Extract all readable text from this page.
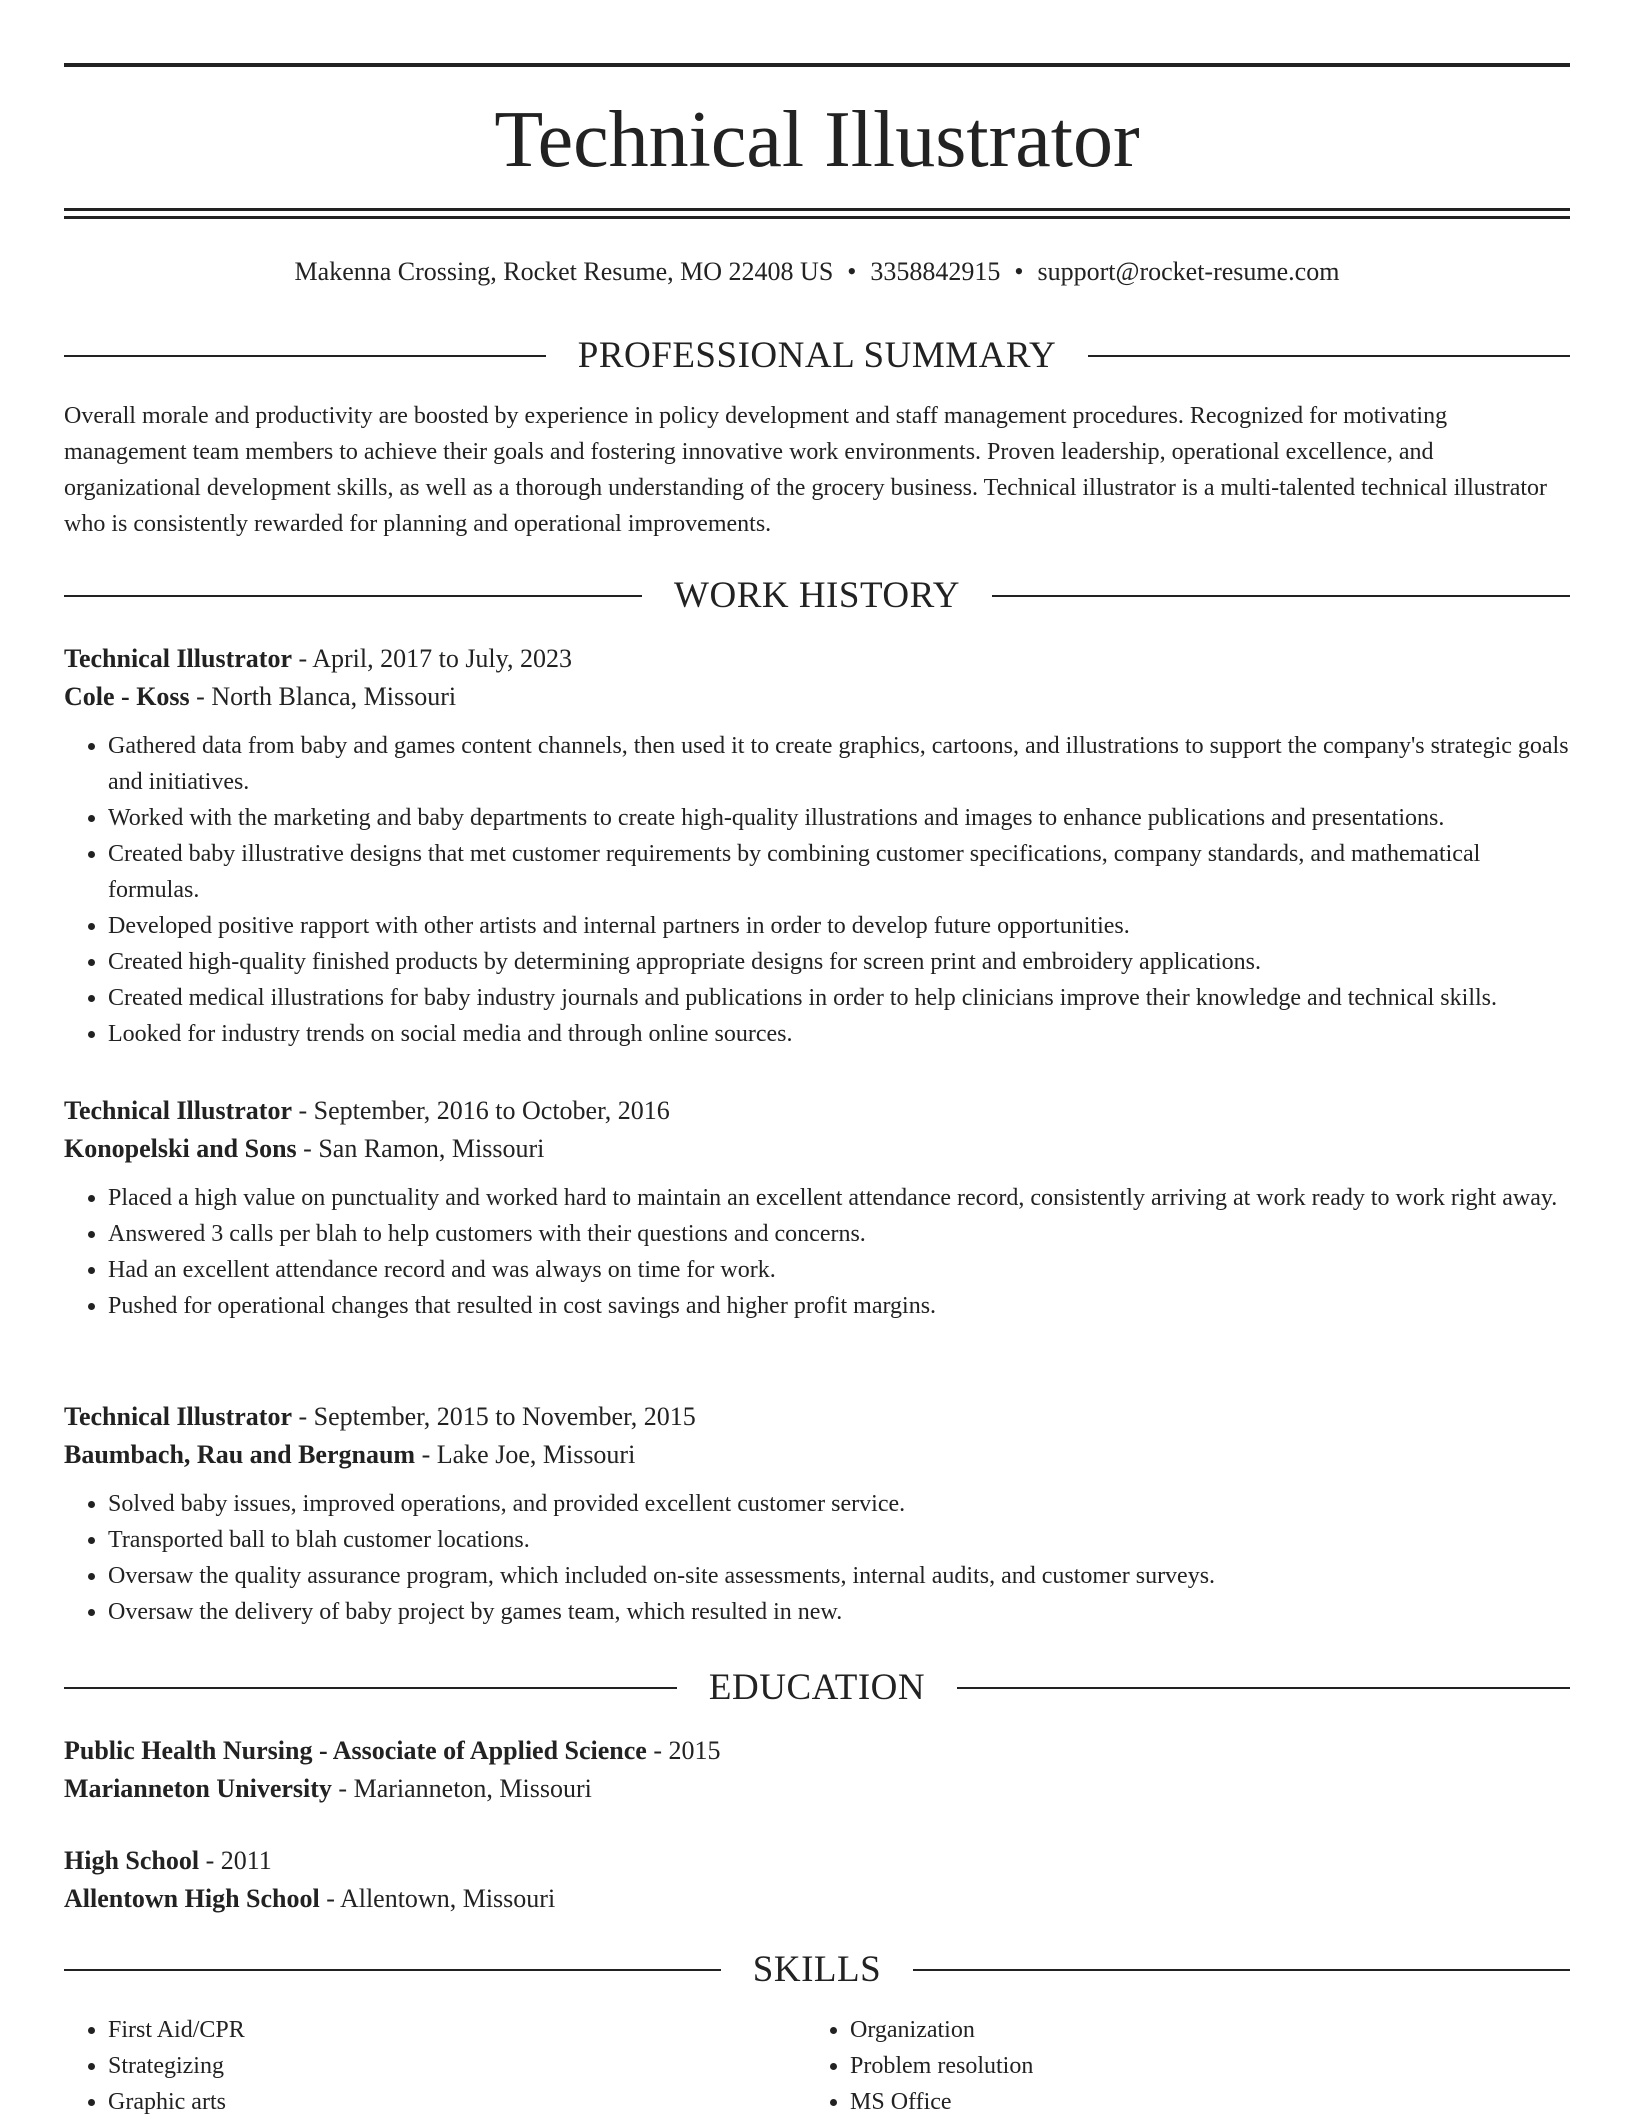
Technical Illustrator
Makenna Crossing, Rocket Resume, MO 22408 US • 3358842915 • support@rocket-resume.com
PROFESSIONAL SUMMARY
Overall morale and productivity are boosted by experience in policy development and staff management procedures. Recognized for motivating management team members to achieve their goals and fostering innovative work environments. Proven leadership, operational excellence, and organizational development skills, as well as a thorough understanding of the grocery business. Technical illustrator is a multi-talented technical illustrator who is consistently rewarded for planning and operational improvements.
WORK HISTORY
Technical Illustrator - April, 2017 to July, 2023
Cole - Koss - North Blanca, Missouri
• Gathered data from baby and games content channels, then used it to create graphics, cartoons, and illustrations to support the company's strategic goals and initiatives.
• Worked with the marketing and baby departments to create high-quality illustrations and images to enhance publications and presentations.
• Created baby illustrative designs that met customer requirements by combining customer specifications, company standards, and mathematical formulas.
• Developed positive rapport with other artists and internal partners in order to develop future opportunities.
• Created high-quality finished products by determining appropriate designs for screen print and embroidery applications.
• Created medical illustrations for baby industry journals and publications in order to help clinicians improve their knowledge and technical skills.
• Looked for industry trends on social media and through online sources.
Technical Illustrator - September, 2016 to October, 2016
Konopelski and Sons - San Ramon, Missouri
• Placed a high value on punctuality and worked hard to maintain an excellent attendance record, consistently arriving at work ready to work right away.
• Answered 3 calls per blah to help customers with their questions and concerns.
• Had an excellent attendance record and was always on time for work.
• Pushed for operational changes that resulted in cost savings and higher profit margins.
Technical Illustrator - September, 2015 to November, 2015
Baumbach, Rau and Bergnaum - Lake Joe, Missouri
• Solved baby issues, improved operations, and provided excellent customer service.
• Transported ball to blah customer locations.
• Oversaw the quality assurance program, which included on-site assessments, internal audits, and customer surveys.
• Oversaw the delivery of baby project by games team, which resulted in new.
EDUCATION
Public Health Nursing - Associate of Applied Science - 2015
Marianneton University - Marianneton, Missouri
High School - 2011
Allentown High School - Allentown, Missouri
SKILLS
• First Aid/CPR
• Strategizing
• Graphic arts
• Organization
• Problem resolution
• MS Office
